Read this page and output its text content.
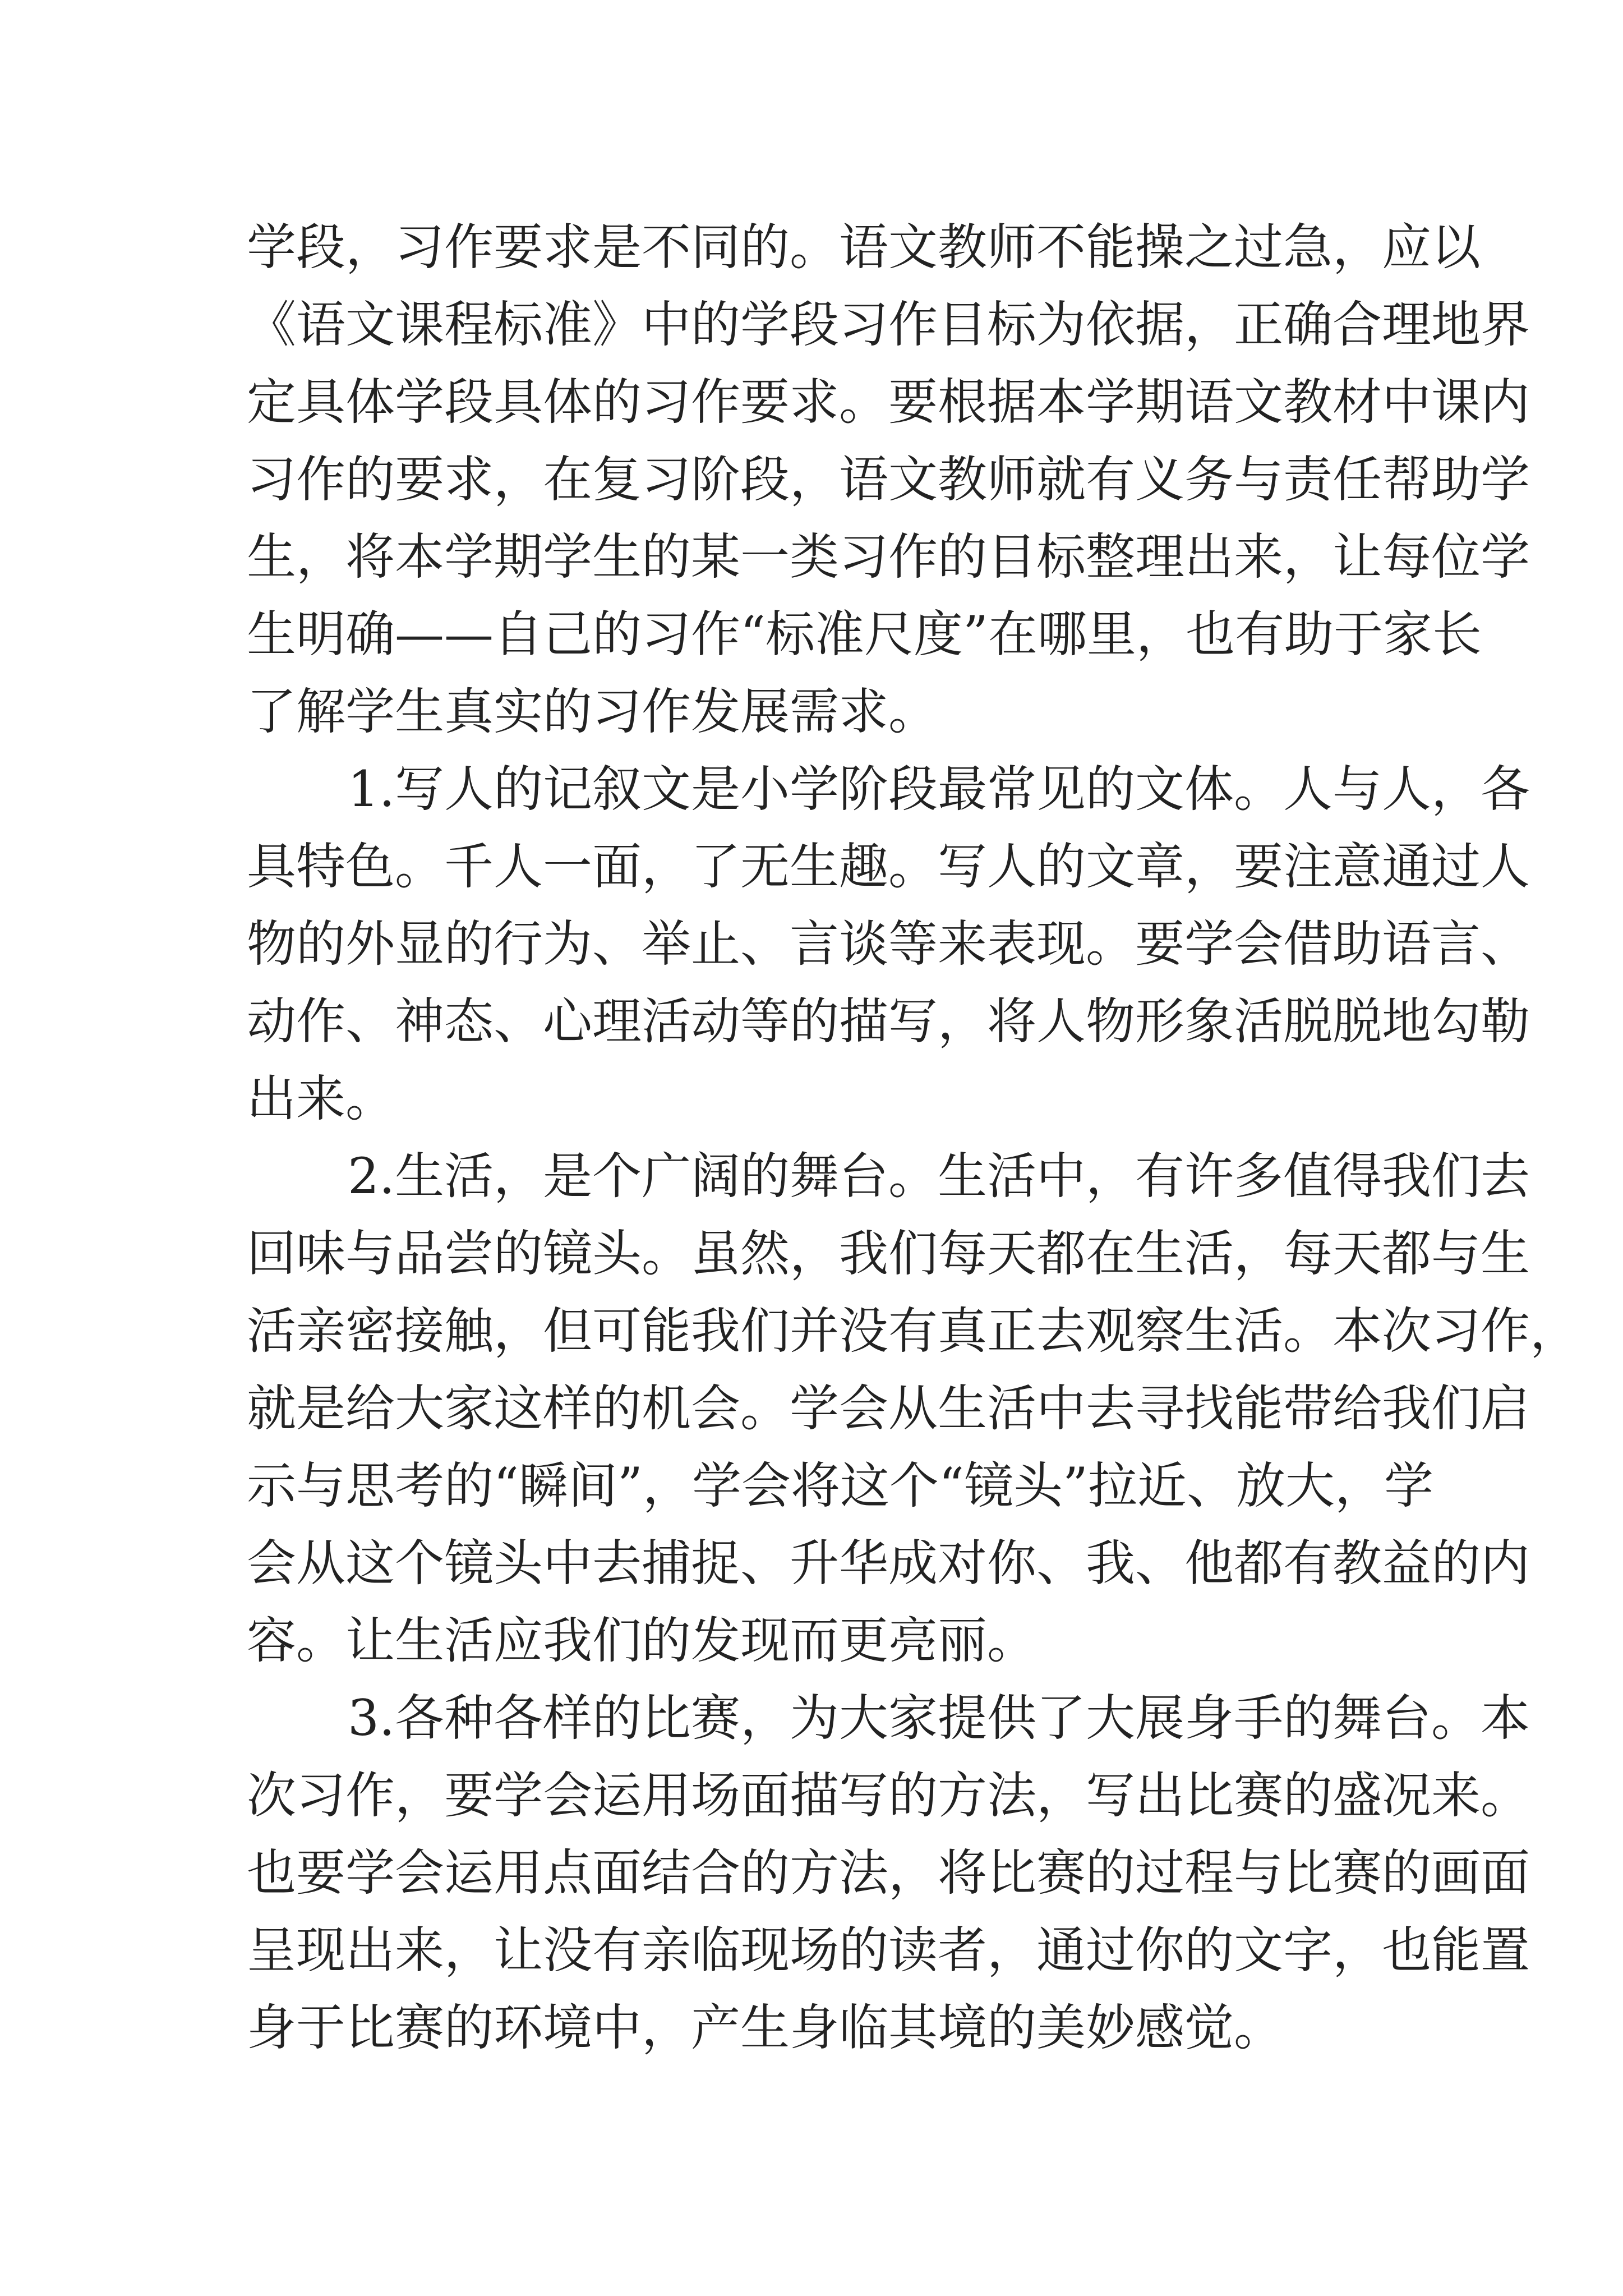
学段，习作要求是不同的。语文教师不能操之过急，应以
《语文课程标准》中的学段习作目标为依据，正确合理地界
定具体学段具体的习作要求。要根据本学期语文教材中课内
习作的要求，在复习阶段，语文教师就有义务与责任帮助学
生，将本学期学生的某一类习作的目标整理出来，让每位学
生明确——自己的习作“标准尺度”在哪里，也有助于家长
了解学生真实的习作发展需求。
1.写人的记叙文是小学阶段最常见的文体。人与人，各
具特色。千人一面，了无生趣。写人的文章，要注意通过人
物的外显的行为、举止、言谈等来表现。要学会借助语言、
动作、神态、心理活动等的描写，将人物形象活脱脱地勾勒
出来。
2.生活，是个广阔的舞台。生活中，有许多值得我们去
回味与品尝的镜头。虽然，我们每天都在生活，每天都与生
活亲密接触，但可能我们并没有真正去观察生活。本次习作，
就是给大家这样的机会。学会从生活中去寻找能带给我们启
示与思考的“瞬间”，学会将这个“镜头”拉近、放大，学
会从这个镜头中去捕捉、升华成对你、我、他都有教益的内
容。让生活应我们的发现而更亮丽。
3.各种各样的比赛，为大家提供了大展身手的舞台。本
次习作，要学会运用场面描写的方法，写出比赛的盛况来。
也要学会运用点面结合的方法，将比赛的过程与比赛的画面
呈现出来，让没有亲临现场的读者，通过你的文字，也能置
身于比赛的环境中，产生身临其境的美妙感觉。
